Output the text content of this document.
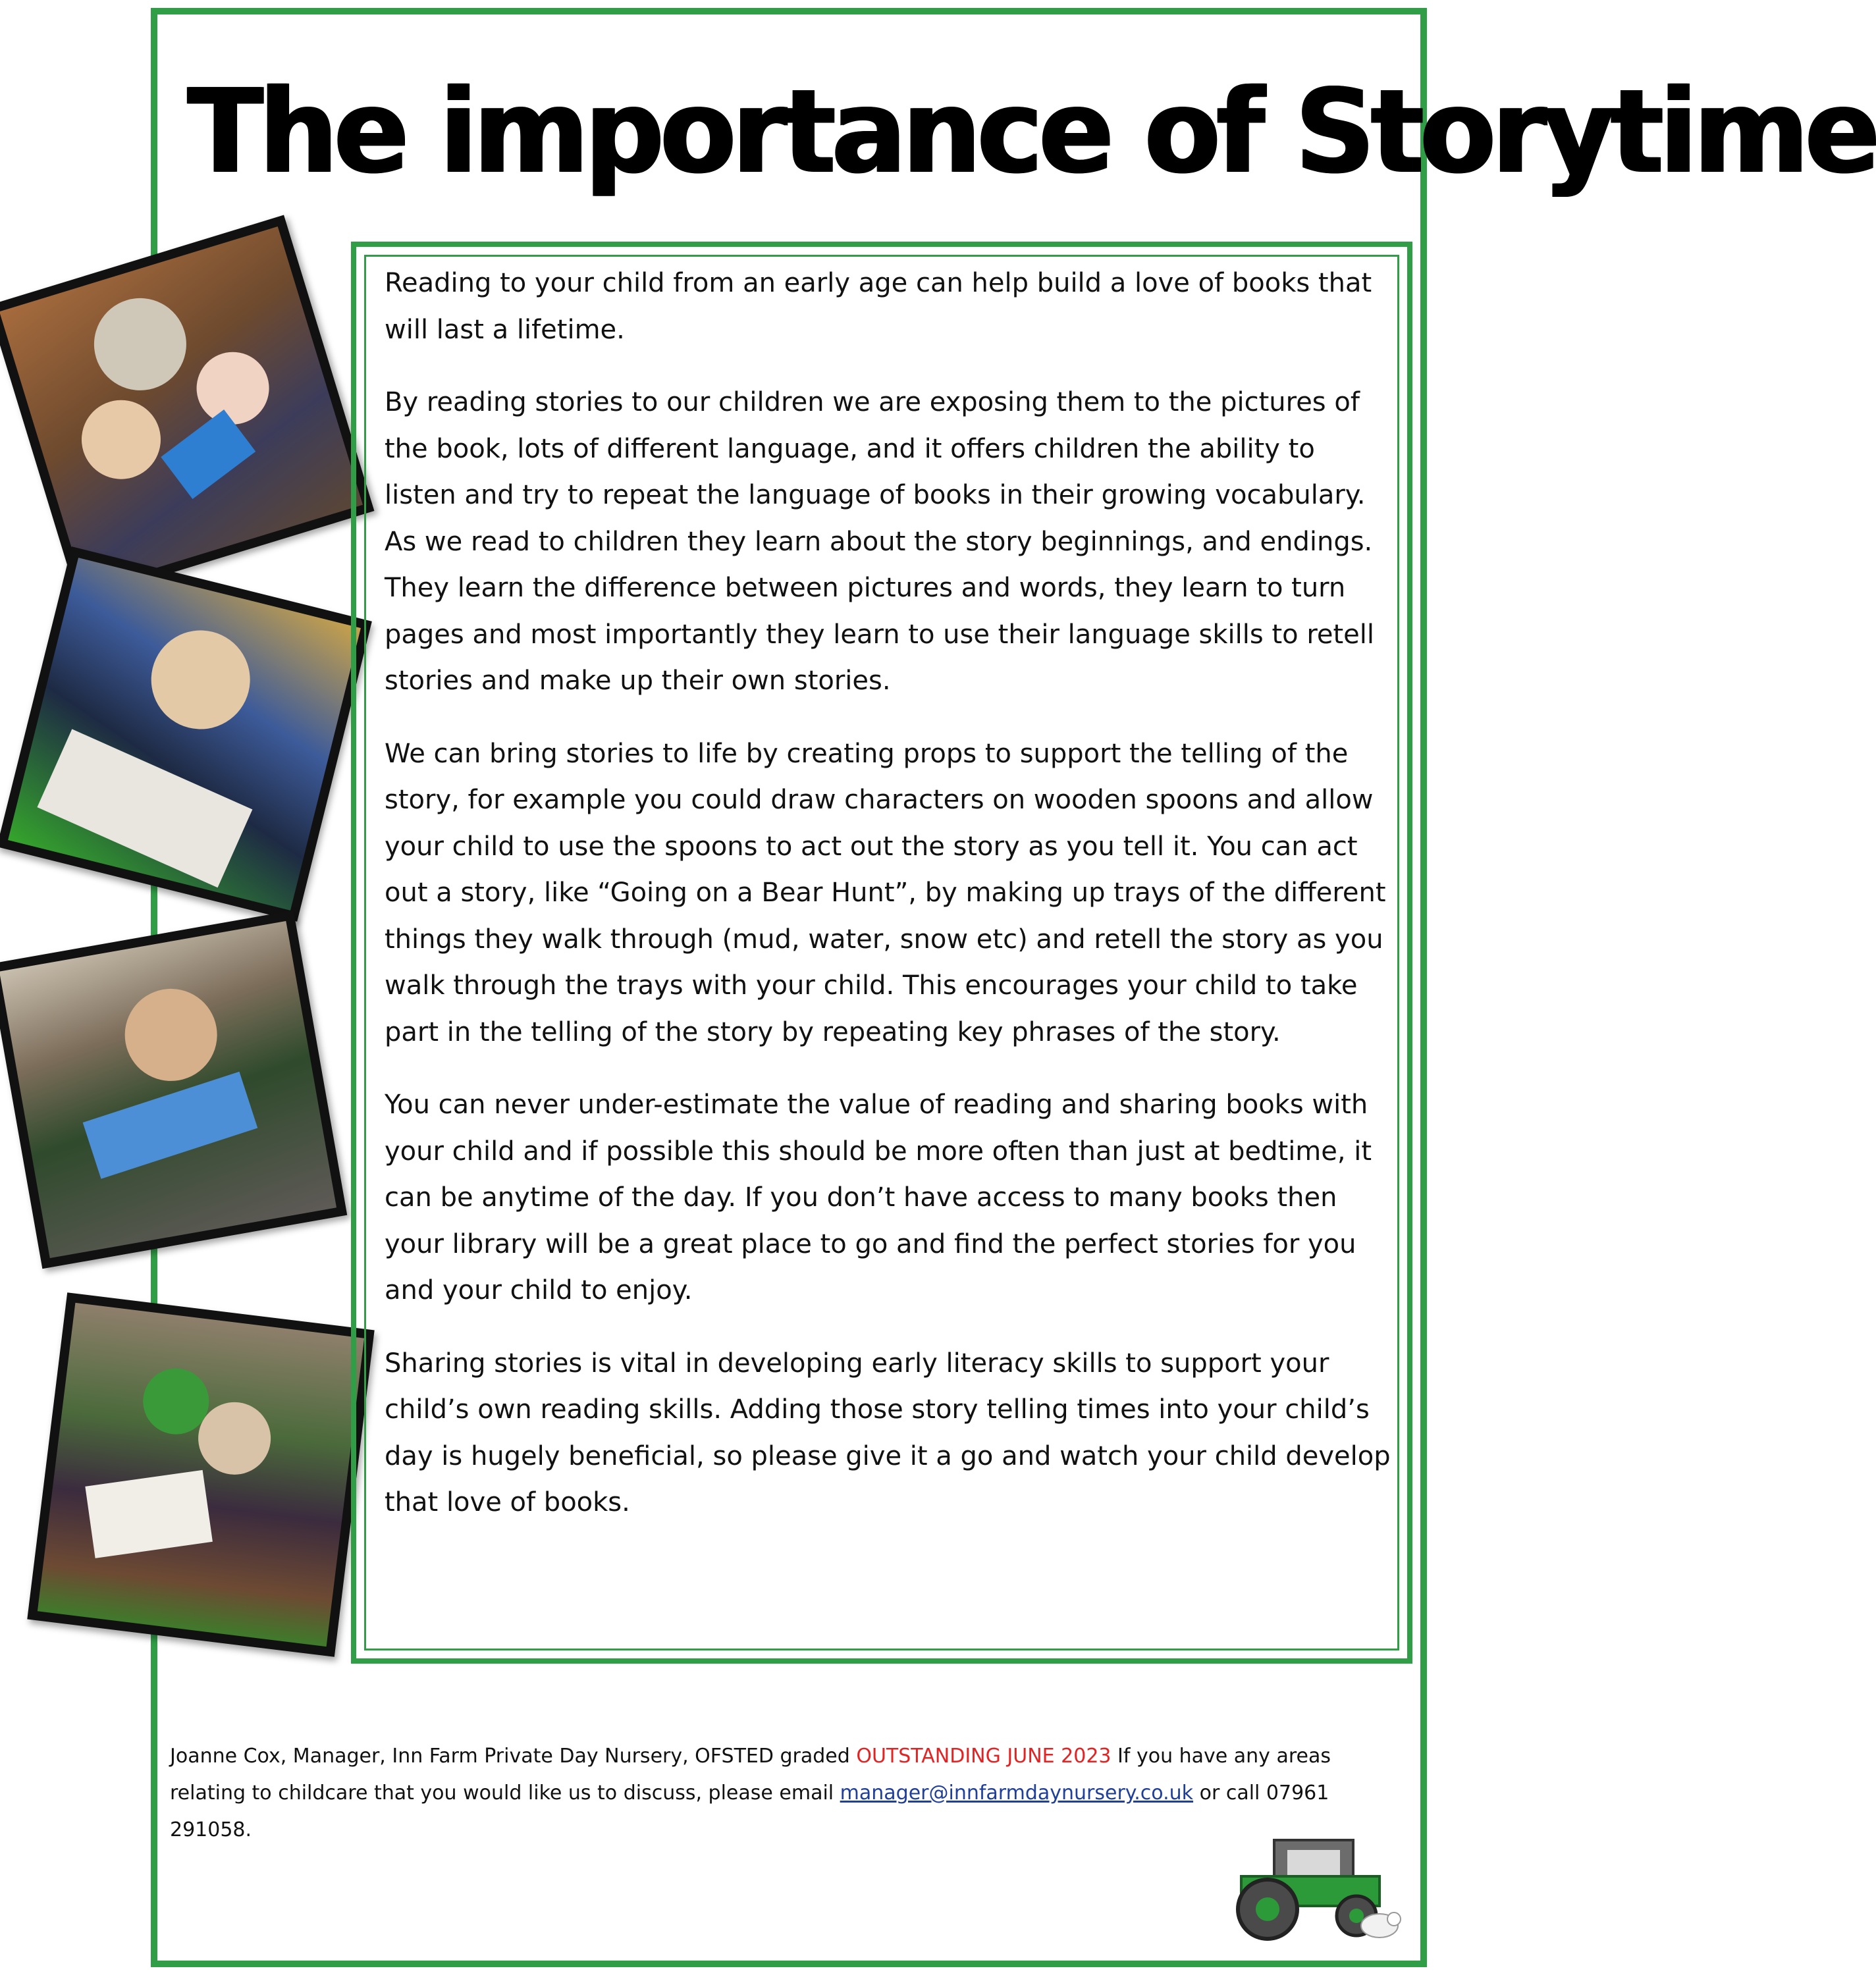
The importance of Storytime

Reading to your child from an early age can help build a love of books that will last a lifetime.

By reading stories to our children we are exposing them to the pictures of the book, lots of different language, and it offers children the ability to listen and try to repeat the language of books in their growing vocabulary. As we read to children they learn about the story beginnings, and endings. They learn the difference between pictures and words, they learn to turn pages and most importantly they learn to use their language skills to retell stories and make up their own stories.

We can bring stories to life by creating props to support the telling of the story, for example you could draw characters on wooden spoons and allow your child to use the spoons to act out the story as you tell it. You can act out a story, like “Going on a Bear Hunt”, by making up trays of the different things they walk through (mud, water, snow etc) and retell the story as you walk through the trays with your child. This encourages your child to take part in the telling of the story by repeating key phrases of the story.

You can never under-estimate the value of reading and sharing books with your child and if possible this should be more often than just at bedtime, it can be anytime of the day. If you don’t have access to many books then your library will be a great place to go and find the perfect stories for you and your child to enjoy.

Sharing stories is vital in developing early literacy skills to support your child’s own reading skills. Adding those story telling times into your child’s day is hugely beneficial, so please give it a go and watch your child develop that love of books.

Joanne Cox, Manager, Inn Farm Private Day Nursery, OFSTED graded OUTSTANDING JUNE 2023 If you have any areas relating to childcare that you would like us to discuss, please email manager@innfarmdaynursery.co.uk or call 07961 291058.
